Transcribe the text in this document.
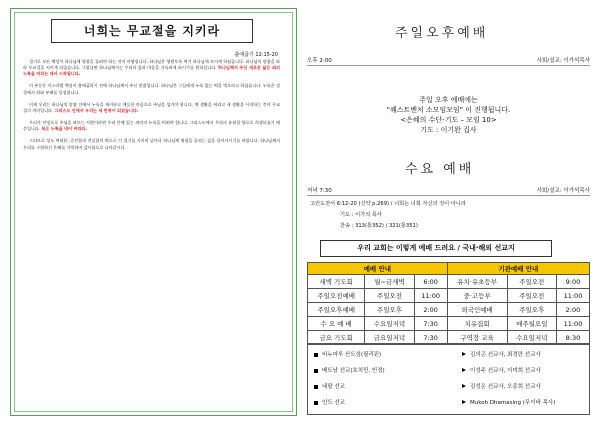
너희는 무교절을 지키라
출애굽기 12:15-20

절기로 모든 백성이 하나님께 영광을 돌려야 하는 것이 마땅합니다. 하나님은 영원토록 여기 하나님께 모이게 하셨습니다. 하나님의 말씀을 따라 무교절을 지키게 되었습니다. 그렇다면 하나님께서는 우리의 몸과 마음을 거룩하게 하시기를 원하십니다. 하나님께서 주신 새로운 삶은 죄의 누룩을 버리는 데서 시작됩니다.

이 본문은 이스라엘 백성이 출애굽하기 전에 하나님께서 주신 말씀입니다. 하나님은 그들에게 누룩 없는 떡을 먹으라고 하셨습니다. 누룩은 성경에서 죄와 부패를 상징합니다.

이제 우리는 하나님의 말씀 안에서 누룩을 제거하고 깨끗한 마음으로 주님을 섬겨야 합니다. 옛 생활을 버리고 새 생활을 시작하는 것이 무교절의 의미입니다. 그리스도 안에서 우리는 새 반죽이 되었습니다.

우리가 진정으로 주님을 따르는 사람이라면 우리 안에 있는 죄악의 누룩을 버려야 합니다. 그리스도께서 우리의 유월절 양으로 희생되셨기 때문입니다. 묵은 누룩을 내어 버리라.

그러므로 성도 여러분, 순전함과 진실함의 떡으로 이 절기를 지키며 날마다 하나님께 영광을 돌리는 삶을 살아가시기를 바랍니다. 하나님께서 우리를 구원하신 은혜를 기억하며 감사함으로 나아갑시다.

주일오후예배
오후 2:00	사회/설교: 이가석목사
주일 오후 예배에는
"퀘스트벤처 소모임모임" 이 진행됩니다.
<은혜의 수단-기도 – 모임 10>
기도 : 이기완 집사
수요 예배
저녁 7:30	사회/설교: 이가석목사
고린도전서 6:12-20 (신약 p.269) / 너희는 너희 자신의 것이 아니라
기도 : 이가석 목사
찬송 : 313(통352) / 321(통351)
우리 교회는 이렇게 예배 드려요 / 국내·해외 선교지
예배 안내			기관예배 안내		
새벽 기도회	월~금새벽	6:00	유치·유초등부	주일오전	9:00
주일오전예배	주일오전	11:00	중·고등부	주일오전	11:00
주일오후예배	주일오후	2:00	외국인예배	주일오후	2:00
수 요 예 배	수요일저녁	7:30	치유집회	매주월요일	11:00
금요 기도회	금요일저녁	7:30	구역장 교육	수요일저녁	8:30
비누마루 산도섬(필리핀)	김의곤 선교사, 최경란 선교사
베트남 선교(호치민, 빈정)	이성주 선교사, 이미희 선교사
네팔 선교	김성은 선교사, 오종희 선교사
인도 선교	Mukoh Dhamasing (무이바 목사)
